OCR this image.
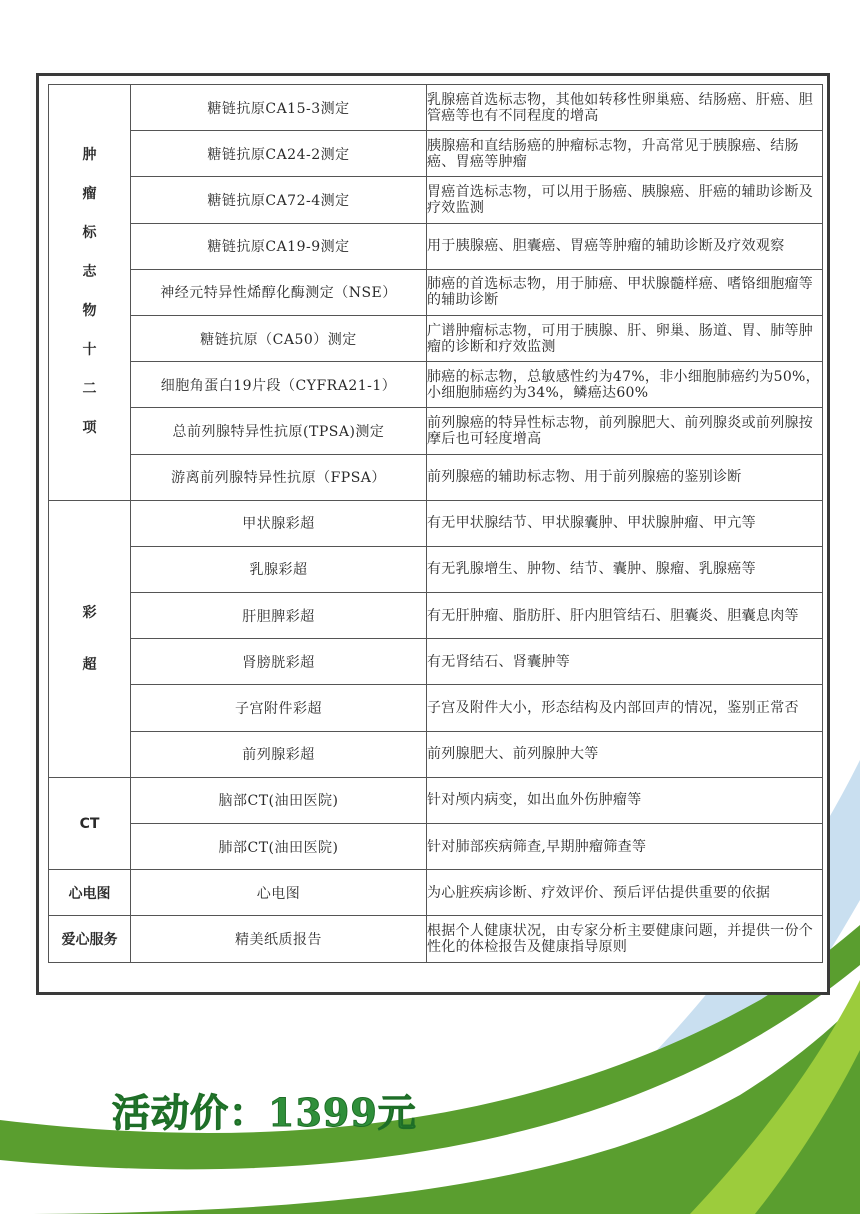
肿瘤标志物十二项	糖链抗原CA15-3测定	乳腺癌首选标志物，其他如转移性卵巢癌、结肠癌、肝癌、胆管癌等也有不同程度的增高
	糖链抗原CA24-2测定	胰腺癌和直结肠癌的肿瘤标志物，升高常见于胰腺癌、结肠癌、胃癌等肿瘤
	糖链抗原CA72-4测定	胃癌首选标志物，可以用于肠癌、胰腺癌、肝癌的辅助诊断及疗效监测
	糖链抗原CA19-9测定	用于胰腺癌、胆囊癌、胃癌等肿瘤的辅助诊断及疗效观察
	神经元特异性烯醇化酶测定（NSE）	肺癌的首选标志物，用于肺癌、甲状腺髓样癌、嗜铬细胞瘤等的辅助诊断
	糖链抗原（CA50）测定	广谱肿瘤标志物，可用于胰腺、肝、卵巢、肠道、胃、肺等肿瘤的诊断和疗效监测
	细胞角蛋白19片段（CYFRA21-1）	肺癌的标志物，总敏感性约为47%，非小细胞肺癌约为50%，小细胞肺癌约为34%，鳞癌达60%
	总前列腺特异性抗原(TPSA)测定	前列腺癌的特异性标志物，前列腺肥大、前列腺炎或前列腺按摩后也可轻度增高
	游离前列腺特异性抗原（FPSA）	前列腺癌的辅助标志物、用于前列腺癌的鉴别诊断
彩超	甲状腺彩超	有无甲状腺结节、甲状腺囊肿、甲状腺肿瘤、甲亢等
	乳腺彩超	有无乳腺增生、肿物、结节、囊肿、腺瘤、乳腺癌等
	肝胆脾彩超	有无肝肿瘤、脂肪肝、肝内胆管结石、胆囊炎、胆囊息肉等
	肾膀胱彩超	有无肾结石、肾囊肿等
	子宫附件彩超	子宫及附件大小，形态结构及内部回声的情况，鉴别正常否
	前列腺彩超	前列腺肥大、前列腺肿大等
CT	脑部CT(油田医院)	针对颅内病变，如出血外伤肿瘤等
	肺部CT(油田医院)	针对肺部疾病筛查,早期肿瘤筛查等
心电图	心电图	为心脏疾病诊断、疗效评价、预后评估提供重要的依据
爱心服务	精美纸质报告	根据个人健康状况，由专家分析主要健康问题，并提供一份个性化的体检报告及健康指导原则
活动价：1399元
